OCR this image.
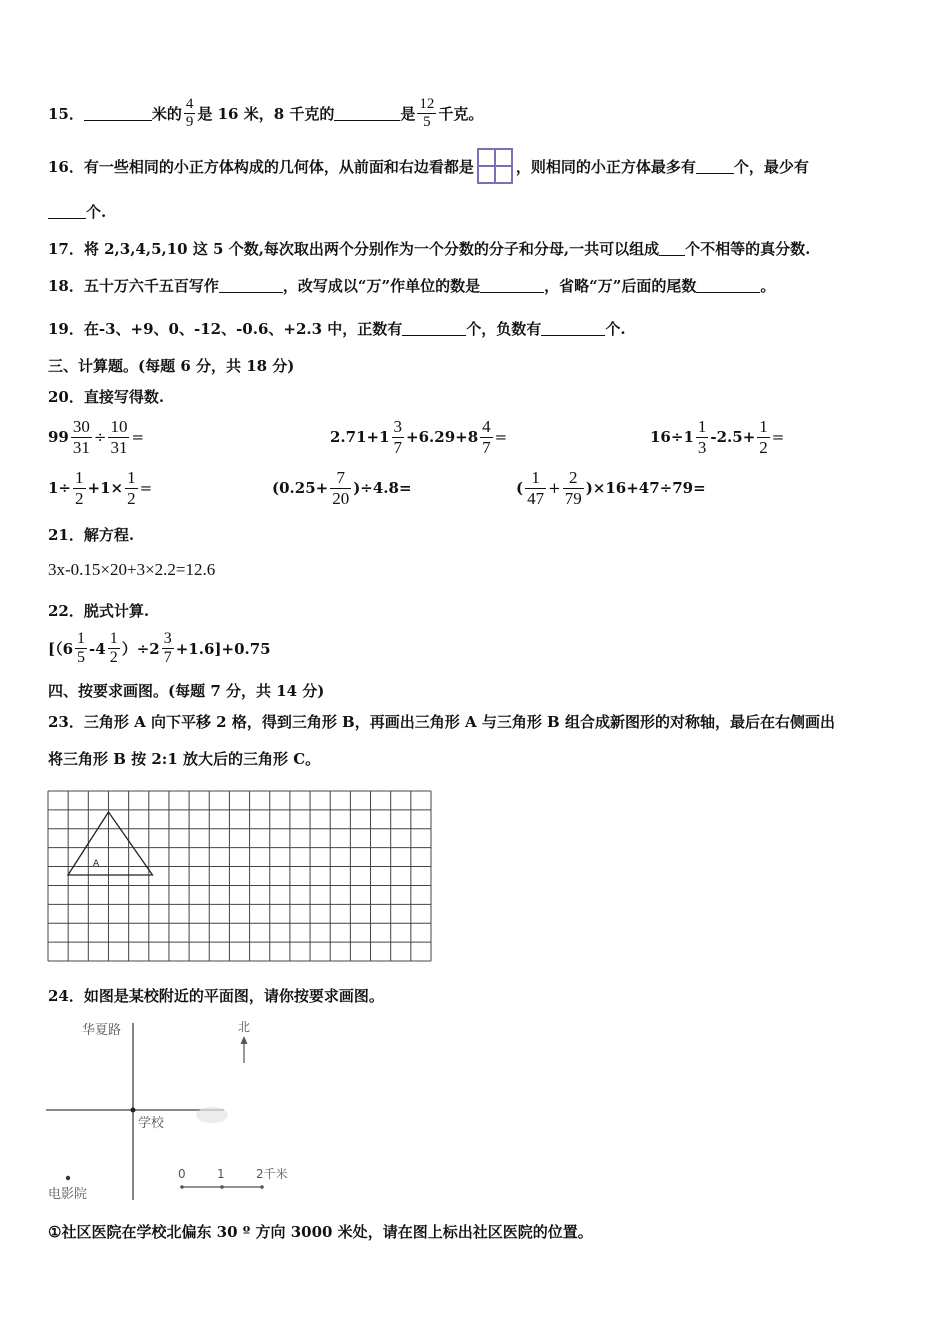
15．	米的 $\frac{4}{9}$ 是 16 米，8 千克的	是 $\frac{12}{5}$ 千克。
16． 有一些相同的小正方体构成的几何体，从前面和右边看都是	，则相同的小正方体最多有	个，最少有
个.
17． 将 2,3,4,5,10 这 5 个数,每次取出两个分别作为一个分数的分子和分母,一共可以组成 个不相等的真分数.
18． 五十万六千五百写作	，改写成以“万”作单位的数是	，省略“万”后面的尾数	。
19． 在-3、+9、0、-12、-0.6、+2.3 中，正数有	个，负数有	个.
三、计算题。(每题 6 分，共 18 分)
20．直接写得数.
$99 \frac{30}{31} \div \frac{10}{31}$ =	$2.71+1 \frac{3}{7} +6.29+8 \frac{4}{7}$ =	$16\div 1 \frac{1}{3} -2.5+ \frac{1}{2}$ =
$1\div \frac{1}{2} +1\times \frac{1}{2}$ =	$(0.25+ \frac{7}{20} )\div 4.8=$	( $\frac{1}{47} + \frac{2}{79} )\times 16+47\div 79=$
21．解方程.
3x-0.15×20+3×2.2=12.6
22．脱式计算.
$[(6 \frac{1}{5} -4 \frac{1}{2} )\div 2 \frac{3}{7} +1.6]+0.75$
四、按要求画图。(每题 7 分，共 14 分)
23．三角形 A 向下平移 2 格，得到三角形 B，再画出三角形 A 与三角形 B 组合成新图形的对称轴，最后在右侧画出
将三角形 B 按 2:1 放大后的三角形 C。
A
24．如图是某校附近的平面图，请你按要求画图。
华夏路	北
学校
电影院
0	1	2千米
① 社区医院在学校北偏东 30 º 方向 3000 米处，请在图上标出社区医院的位置。
